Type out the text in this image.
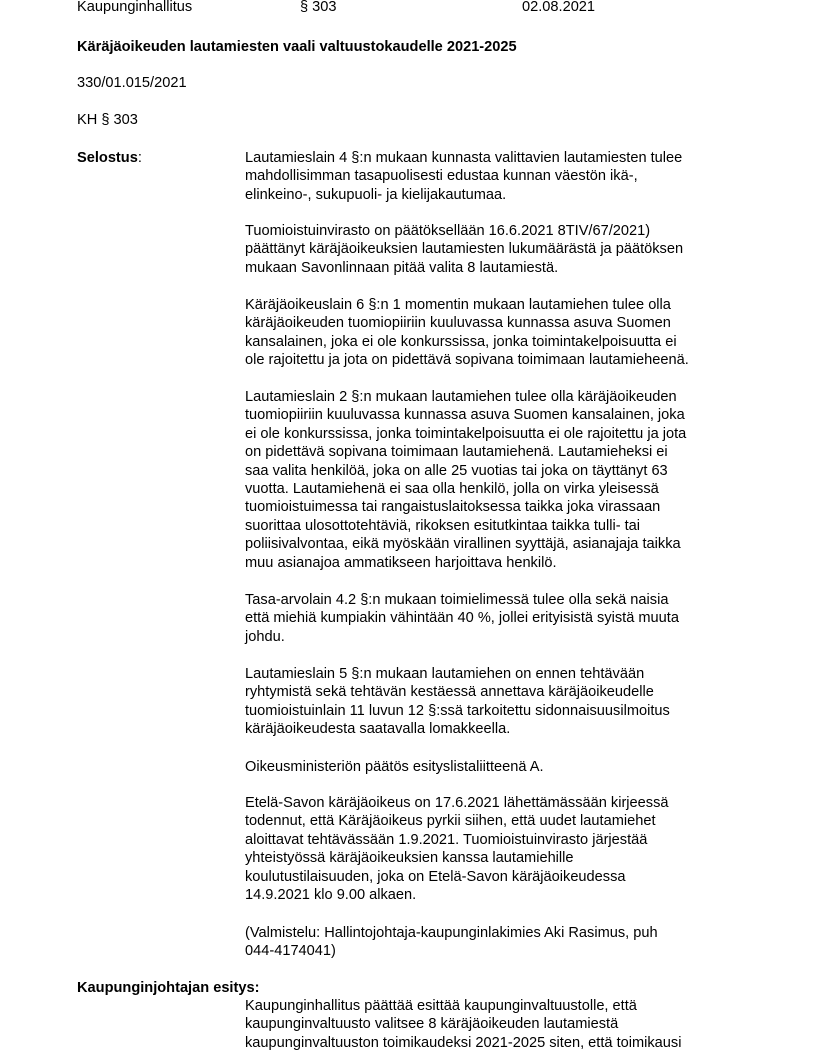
Kaupunginhallitus	§ 303	02.08.2021
Käräjäoikeuden lautamiesten vaali valtuustokaudelle 2021-2025
330/01.015/2021
KH § 303
Selostus:	Lautamieslain 4 §:n mukaan kunnasta valittavien lautamiesten tulee
mahdollisimman tasapuolisesti edustaa kunnan väestön ikä-,
elinkeino-, sukupuoli- ja kielijakautumaa.

Tuomioistuinvirasto on päätöksellään 16.6.2021 8TIV/67/2021)
päättänyt käräjäoikeuksien lautamiesten lukumäärästä ja päätöksen
mukaan Savonlinnaan pitää valita 8 lautamiestä.

Käräjäoikeuslain 6 §:n 1 momentin mukaan lautamiehen tulee olla
käräjäoikeuden tuomiopiiriin kuuluvassa kunnassa asuva Suomen
kansalainen, joka ei ole konkurssissa, jonka toimintakelpoisuutta ei
ole rajoitettu ja jota on pidettävä sopivana toimimaan lautamieheenä.

Lautamieslain 2 §:n mukaan lautamiehen tulee olla käräjäoikeuden
tuomiopiiriin kuuluvassa kunnassa asuva Suomen kansalainen, joka
ei ole konkurssissa, jonka toimintakelpoisuutta ei ole rajoitettu ja jota
on pidettävä sopivana toimimaan lautamiehenä. Lautamieheksi ei
saa valita henkilöä, joka on alle 25 vuotias tai joka on täyttänyt 63
vuotta. Lautamiehenä ei saa olla henkilö, jolla on virka yleisessä
tuomioistuimessa tai rangaistuslaitoksessa taikka joka virassaan
suorittaa ulosottotehtäviä, rikoksen esitutkintaa taikka tulli- tai
poliisivalvontaa, eikä myöskään virallinen syyttäjä, asianajaja taikka
muu asianajoa ammatikseen harjoittava henkilö.

Tasa-arvolain 4.2 §:n mukaan toimielimessä tulee olla sekä naisia
että miehiä kumpiakin vähintään 40 %, jollei erityisistä syistä muuta
johdu.

Lautamieslain 5 §:n mukaan lautamiehen on ennen tehtävään
ryhtymistä sekä tehtävän kestäessä annettava käräjäoikeudelle
tuomioistuinlain 11 luvun 12 §:ssä tarkoitettu sidonnaisuusilmoitus
käräjäoikeudesta saatavalla lomakkeella.

Oikeusministeriön päätös esityslistaliitteenä A.

Etelä-Savon käräjäoikeus on 17.6.2021 lähettämässään kirjeessä
todennut, että Käräjäoikeus pyrkii siihen, että uudet lautamiehet
aloittavat tehtävässään 1.9.2021. Tuomioistuinvirasto järjestää
yhteistyössä käräjäoikeuksien kanssa lautamiehille
koulutustilaisuuden, joka on Etelä-Savon käräjäoikeudessa
14.9.2021 klo 9.00 alkaen.

(Valmistelu: Hallintojohtaja-kaupunginlakimies Aki Rasimus, puh
044-4174041)

Kaupunginjohtajan esitys:

Kaupunginhallitus päättää esittää kaupunginvaltuustolle, että
kaupunginvaltuusto valitsee 8 käräjäoikeuden lautamiestä
kaupunginvaltuuston toimikaudeksi 2021-2025 siten, että toimikausi
